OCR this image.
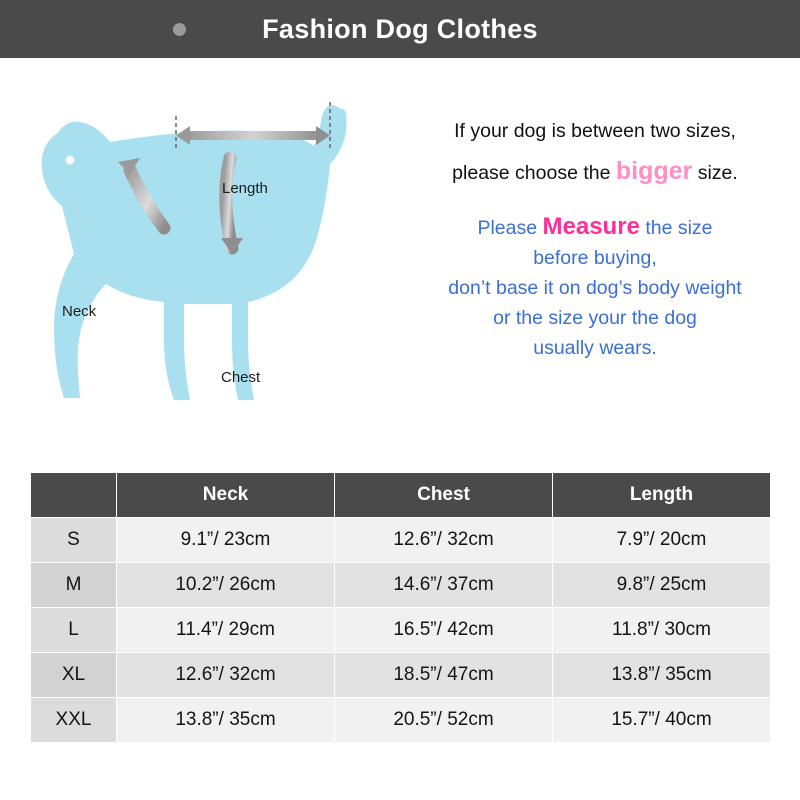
Fashion Dog Clothes
Length
Neck
Chest
If your dog is between two sizes,
please choose the bigger size.
Please Measure the size
before buying,
don’t base it on dog’s body weight
or the size your the dog
usually wears.
	Neck	Chest	Length
S	9.1”/ 23cm	12.6”/ 32cm	7.9”/ 20cm
M	10.2”/ 26cm	14.6”/ 37cm	9.8”/ 25cm
L	11.4”/ 29cm	16.5”/ 42cm	11.8”/ 30cm
XL	12.6”/ 32cm	18.5”/ 47cm	13.8”/ 35cm
XXL	13.8”/ 35cm	20.5”/ 52cm	15.7”/ 40cm
